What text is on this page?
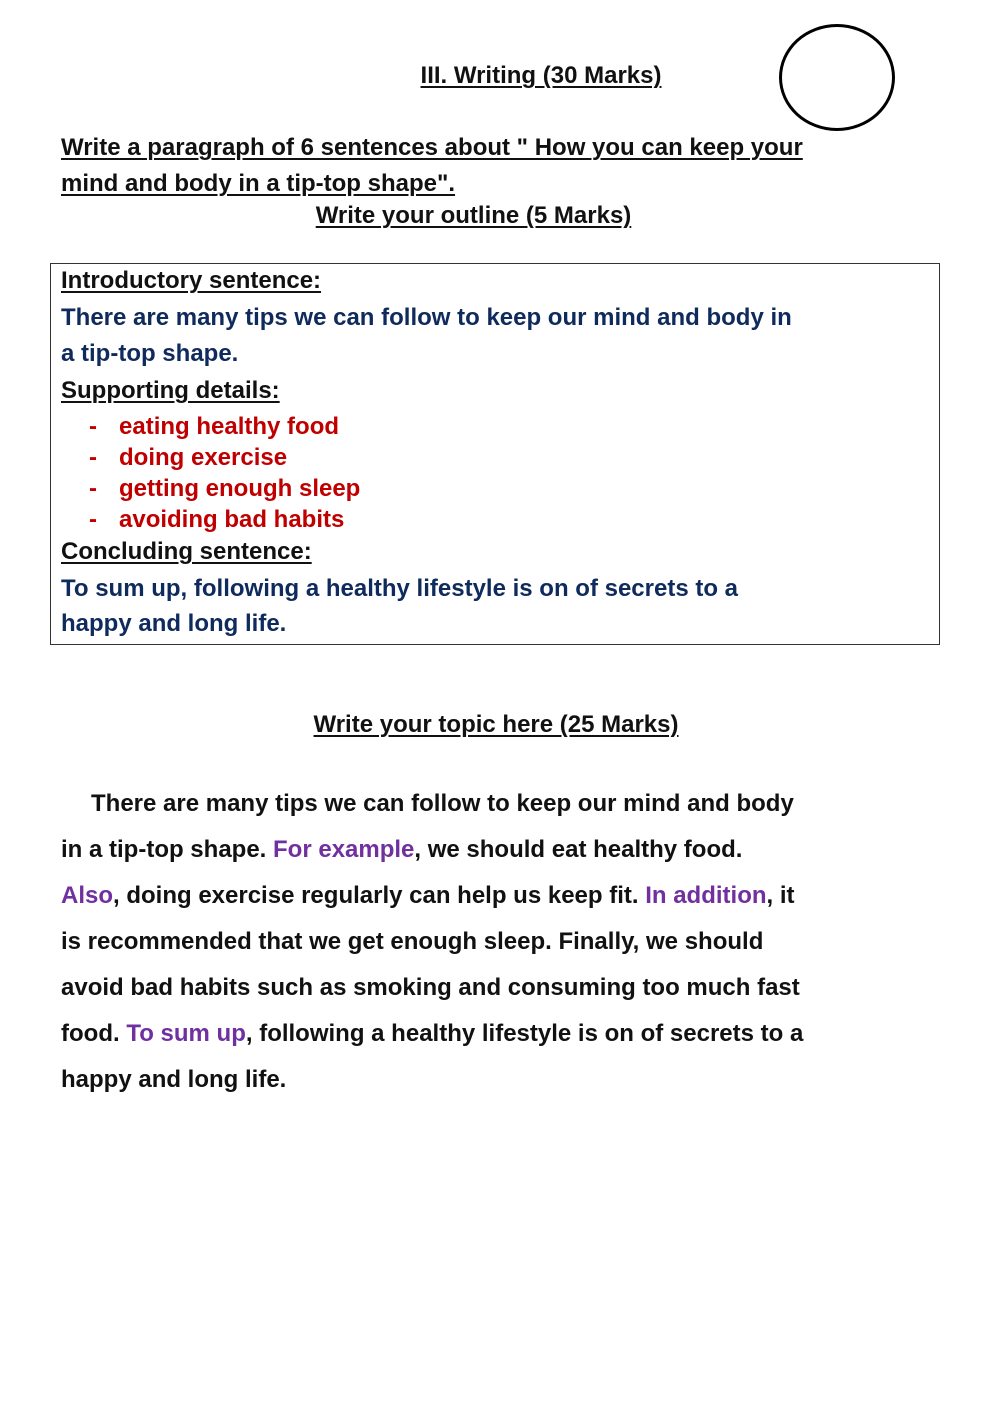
III. Writing (30 Marks)
Write a paragraph of 6 sentences about " How you can keep your
mind and body in a tip-top shape".
Write your outline (5 Marks)
Introductory sentence:
There are many tips we can follow to keep our mind and body in
a tip-top shape.
Supporting details:
- eating healthy food
- doing exercise
- getting enough sleep
- avoiding bad habits
Concluding sentence:
To sum up, following a healthy lifestyle is on of secrets to a
happy and long life.
Write your topic here (25 Marks)
There are many tips we can follow to keep our mind and body
in a tip-top shape. For example, we should eat healthy food.
Also, doing exercise regularly can help us keep fit. In addition, it
is recommended that we get enough sleep. Finally, we should
avoid bad habits such as smoking and consuming too much fast
food. To sum up, following a healthy lifestyle is on of secrets to a
happy and long life.
